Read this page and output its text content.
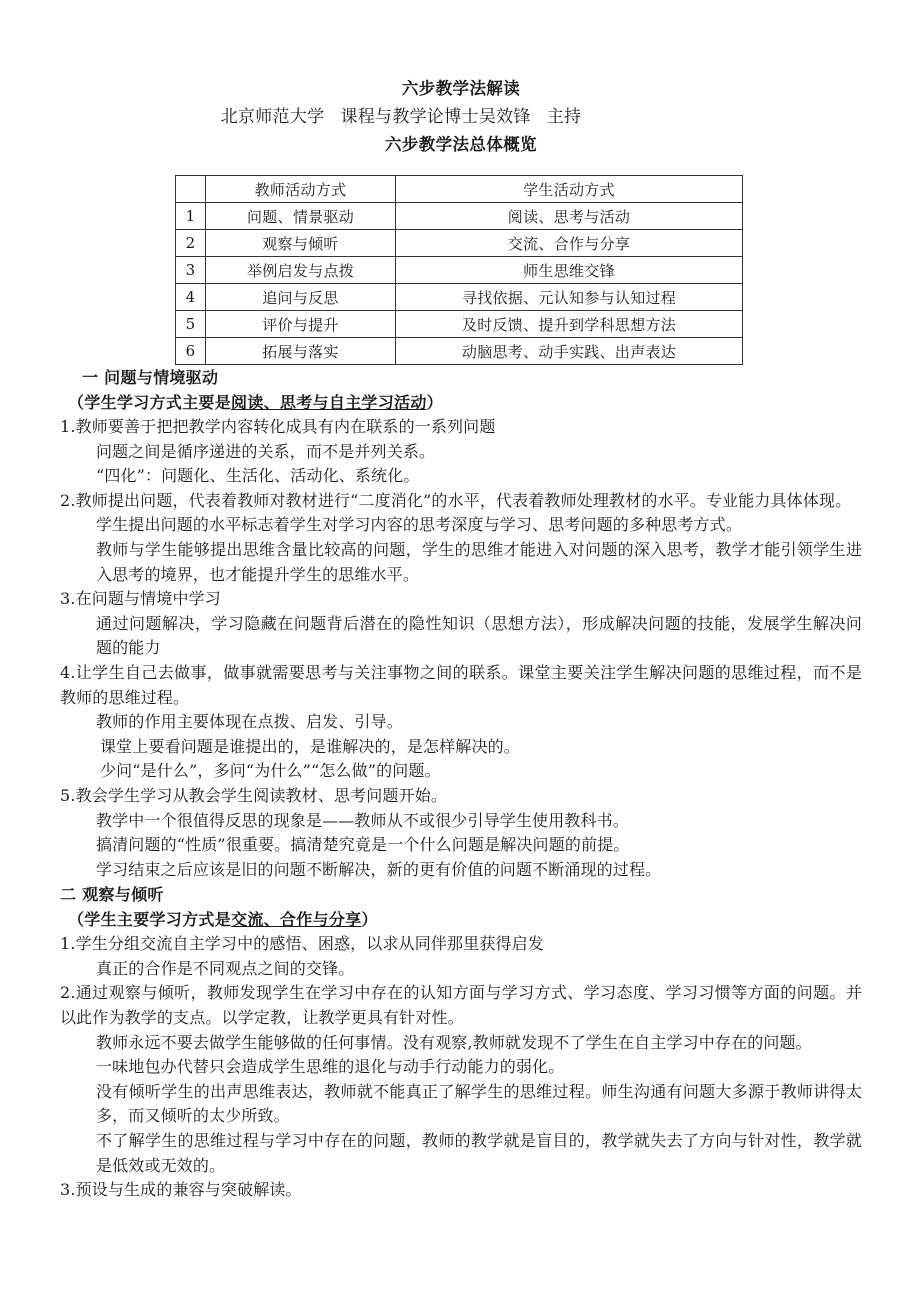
六步教学法解读
北京师范大学 课程与教学论博士吴效锋 主持
六步教学法总体概览
	教师活动方式	学生活动方式
1	问题、情景驱动	阅读、思考与活动
2	观察与倾听	交流、合作与分享
3	举例启发与点拨	师生思维交锋
4	追问与反思	寻找依据、元认知参与认知过程
5	评价与提升	及时反馈、提升到学科思想方法
6	拓展与落实	动脑思考、动手实践、出声表达
一 问题与情境驱动
（学生学习方式主要是阅读、思考与自主学习活动）

1.教师要善于把把教学内容转化成具有内在联系的一系列问题

问题之间是循序递进的关系，而不是并列关系。

“四化”：问题化、生活化、活动化、系统化。

2.教师提出问题，代表着教师对教材进行“二度消化”的水平，代表着教师处理教材的水平。专业能力具体体现。

学生提出问题的水平标志着学生对学习内容的思考深度与学习、思考问题的多种思考方式。

教师与学生能够提出思维含量比较高的问题，学生的思维才能进入对问题的深入思考，教学才能引领学生进入思考的境界，也才能提升学生的思维水平。

3.在问题与情境中学习

通过问题解决，学习隐藏在问题背后潜在的隐性知识（思想方法），形成解决问题的技能，发展学生解决问题的能力

4.让学生自己去做事，做事就需要思考与关注事物之间的联系。课堂主要关注学生解决问题的思维过程，而不是教师的思维过程。

教师的作用主要体现在点拨、启发、引导。

课堂上要看问题是谁提出的，是谁解决的，是怎样解决的。

少问“是什么”，多问“为什么”“怎么做”的问题。

5.教会学生学习从教会学生阅读教材、思考问题开始。

教学中一个很值得反思的现象是——教师从不或很少引导学生使用教科书。

搞清问题的“性质”很重要。搞清楚究竟是一个什么问题是解决问题的前提。

学习结束之后应该是旧的问题不断解决，新的更有价值的问题不断涌现的过程。

二 观察与倾听
（学生主要学习方式是交流、合作与分享）

1.学生分组交流自主学习中的感悟、困惑，以求从同伴那里获得启发

真正的合作是不同观点之间的交锋。

2.通过观察与倾听，教师发现学生在学习中存在的认知方面与学习方式、学习态度、学习习惯等方面的问题。并以此作为教学的支点。以学定教，让教学更具有针对性。

教师永远不要去做学生能够做的任何事情。没有观察,教师就发现不了学生在自主学习中存在的问题。

一味地包办代替只会造成学生思维的退化与动手行动能力的弱化。

没有倾听学生的出声思维表达，教师就不能真正了解学生的思维过程。师生沟通有问题大多源于教师讲得太多，而又倾听的太少所致。

不了解学生的思维过程与学习中存在的问题，教师的教学就是盲目的，教学就失去了方向与针对性，教学就是低效或无效的。

3.预设与生成的兼容与突破解读。
